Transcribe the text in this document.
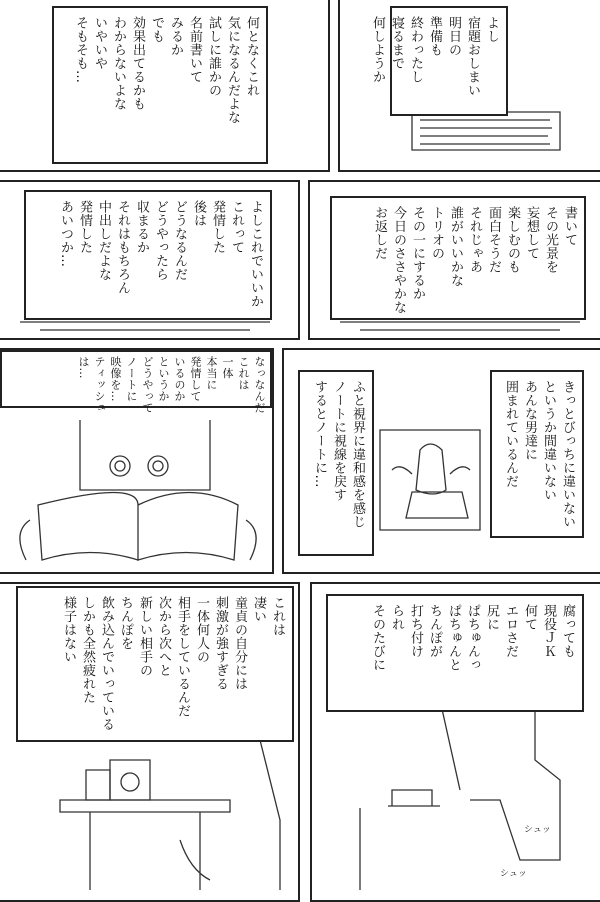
よし
宿題おしまい
明日の
準備も
終わったし
寝るまで
何しようか
何となくこれ
気になるんだよな
試しに誰かの
名前書いて
みるか
でも
効果出てるかも
わからないよな
いやいや
そもそも…
書いて
その光景を
妄想して
楽しむのも
面白そうだ
それじゃあ
誰がいいかな
トリオの
その一にするか
今日のささやかな
お返しだ
よしこれでいいか
これって
発情した
後は
どうなるんだ
どうやったら
収まるか
それはもちろん
中出しだよな
発情した
あいつか…
きっとびっちに違いない
というか間違いない
あんな男達に
囲まれているんだ
ふと視界に違和感を感じ
ノートに視線を戻す
するとノートに…
なっなんだ
これは
一体
本当に
発情して
いるのか
というか
どうやって
ノートに
映像を…
ティッシュ
は…
腐っても
現役ＪＫ
何て
エロさだ
尻に
ぱちゅんっ
ぱちゅんと
ちんぽが
打ち付け
られ
そのたびに
これは
凄い
童貞の自分には
刺激が強すぎる
一体何人の
相手をしているんだ
次から次へと
新しい相手の
ちんぽを
飲み込んでいっている
しかも全然疲れた
様子はない
シュッ
シュッ
